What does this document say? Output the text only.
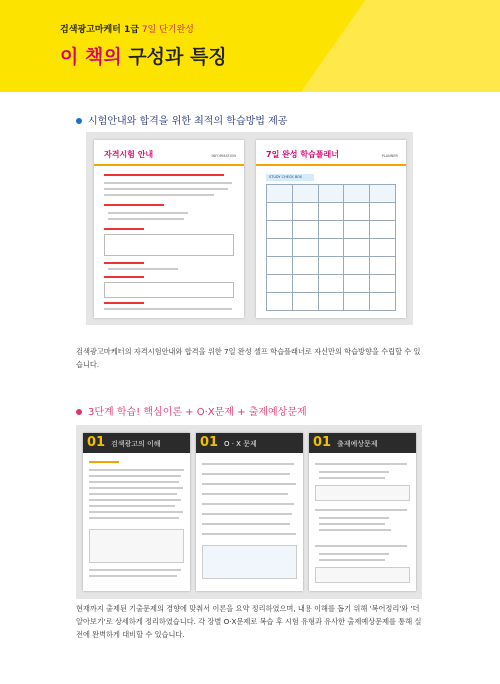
검색광고마케터 1급 7일 단기완성
이 책의 구성과 특징
시험안내와 합격을 위한 최적의 학습방법 제공
자격시험 안내	INFORMATION	7일 완성 학습플래너	PLANNER
STUDY CHECK BOX

검색광고마케터의 자격시험안내와 합격을 위한 7일 완성 셀프 학습플래너로 자신만의 학습방향을 수립할 수 있습니다.
3단계 학습! 핵심이론 + O·X문제 + 출제예상문제
01 검색광고의 이해	01 O · X 문제	01 출제예상문제
현재까지 출제된 기출문제의 경향에 맞춰서 이론을 요약 정리하였으며, 내용 이해를 돕기 위해 '복어정리'와 '더 알아보기'로 상세하게 정리하였습니다. 각 장별 O·X문제로 복습 후 시험 유형과 유사한 출제예상문제를 통해 실전에 완벽하게 대비할 수 있습니다.
